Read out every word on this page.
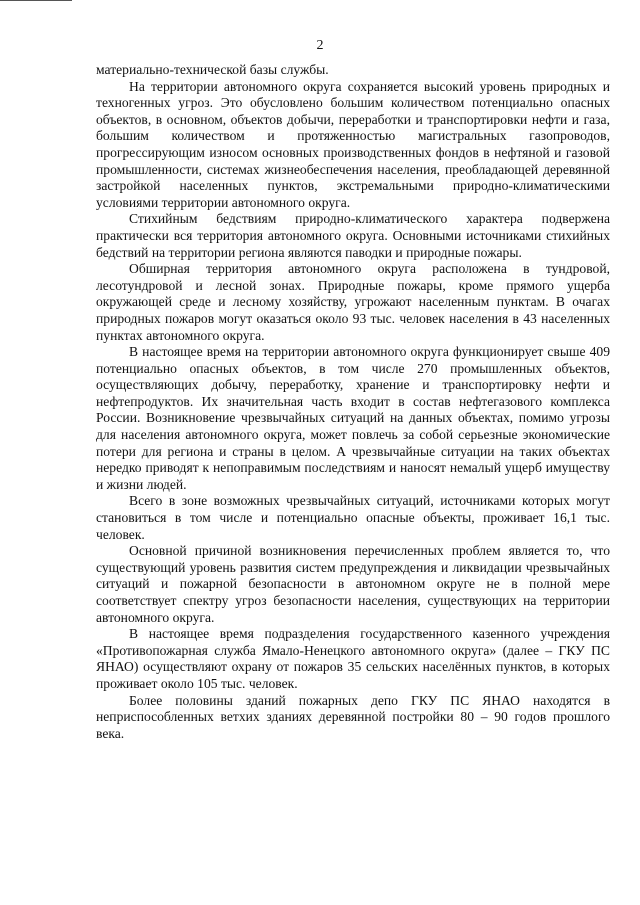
2

материально-технической базы службы.

На территории автономного округа сохраняется высокий уровень природных и техногенных угроз. Это обусловлено большим количеством потенциально опасных объектов, в основном, объектов добычи, переработки и транспортировки нефти и газа, большим количеством и протяженностью магистральных газопроводов, прогрессирующим износом основных производственных фондов в нефтяной и газовой промышленности, системах жизнеобеспечения населения, преобладающей деревянной застройкой населенных пунктов, экстремальными природно-климатическими условиями территории автономного округа.

Стихийным бедствиям природно-климатического характера подвержена практически вся территория автономного округа. Основными источниками стихийных бедствий на территории региона являются паводки и природные пожары.

Обширная территория автономного округа расположена в тундровой, лесотундровой и лесной зонах. Природные пожары, кроме прямого ущерба окружающей среде и лесному хозяйству, угрожают населенным пунктам. В очагах природных пожаров могут оказаться около 93 тыс. человек населения в 43 населенных пунктах автономного округа.

В настоящее время на территории автономного округа функционирует свыше 409 потенциально опасных объектов, в том числе 270 промышленных объектов, осуществляющих добычу, переработку, хранение и транспортировку нефти и нефтепродуктов. Их значительная часть входит в состав нефтегазового комплекса России. Возникновение чрезвычайных ситуаций на данных объектах, помимо угрозы для населения автономного округа, может повлечь за собой серьезные экономические потери для региона и страны в целом. А чрезвычайные ситуации на таких объектах нередко приводят к непоправимым последствиям и наносят немалый ущерб имуществу и жизни людей.

Всего в зоне возможных чрезвычайных ситуаций, источниками которых могут становиться в том числе и потенциально опасные объекты, проживает 16,1 тыс. человек.

Основной причиной возникновения перечисленных проблем является то, что существующий уровень развития систем предупреждения и ликвидации чрезвычайных ситуаций и пожарной безопасности в автономном округе не в полной мере соответствует спектру угроз безопасности населения, существующих на территории автономного округа.

В настоящее время подразделения государственного казенного учреждения «Противопожарная служба Ямало-Ненецкого автономного округа» (далее – ГКУ ПС ЯНАО) осуществляют охрану от пожаров 35 сельских населённых пунктов, в которых проживает около 105 тыс. человек.

Более половины зданий пожарных депо ГКУ ПС ЯНАО находятся в неприспособленных ветхих зданиях деревянной постройки 80 – 90 годов прошлого века.
